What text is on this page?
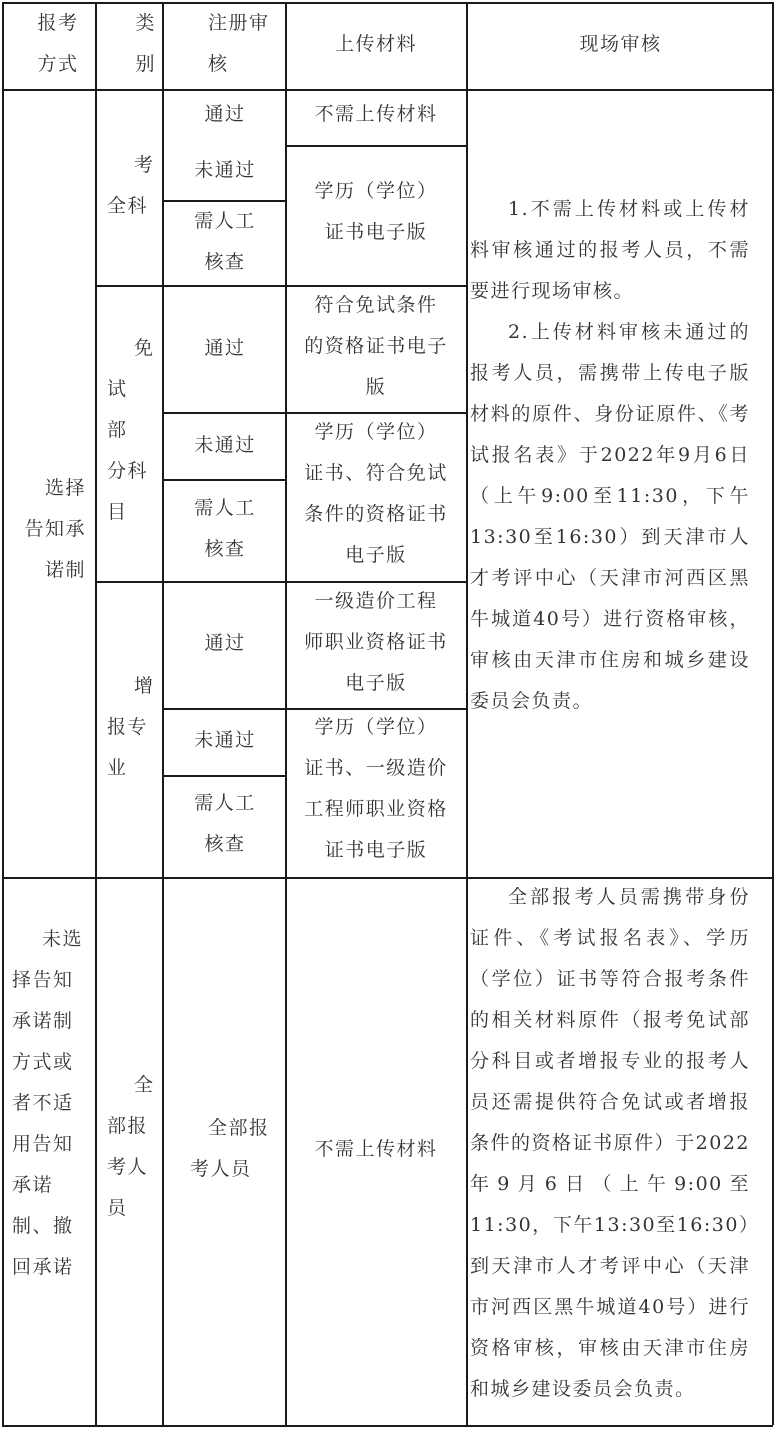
报考
方式
类
别
注册审
核
上传材料	现场审核
选择
告知承
诺制
考
全科
通过
未通过
需人工
核查
不需上传材料
学历（学位）
证书电子版
免
试
部
分科
目
通过
未通过
需人工
核查
符合免试条件
的资格证书电子
版
学历（学位）
证书、符合免试
条件的资格证书
电子版
增
报专
业
通过
未通过
需人工
核查
一级造价工程
师职业资格证书
电子版
学历（学位）
证书、一级造价
工程师职业资格
证书电子版

1.不需上传材料或上传材料审核通过的报考人员，不需要进行现场审核。

2.上传材料审核未通过的报考人员，需携带上传电子版材料的原件、身份证原件、《考试报名表》于2022年9月6日（上午9:00至11:30，下午13:30至16:30）到天津市人才考评中心（天津市河西区黑牛城道40号）进行资格审核，审核由天津市住房和城乡建设委员会负责。

未选
择告知
承诺制
方式或
者不适
用告知
承诺
制、撤
回承诺
全
部报
考人
员
全部报
考人员
不需上传材料

全部报考人员需携带身份证件、《考试报名表》、学历（学位）证书等符合报考条件的相关材料原件（报考免试部分科目或者增报专业的报考人员还需提供符合免试或者增报条件的资格证书原件）于2022年9月6日（上午9:00至11:30，下午13:30至16:30）到天津市人才考评中心（天津市河西区黑牛城道40号）进行资格审核，审核由天津市住房和城乡建设委员会负责。
